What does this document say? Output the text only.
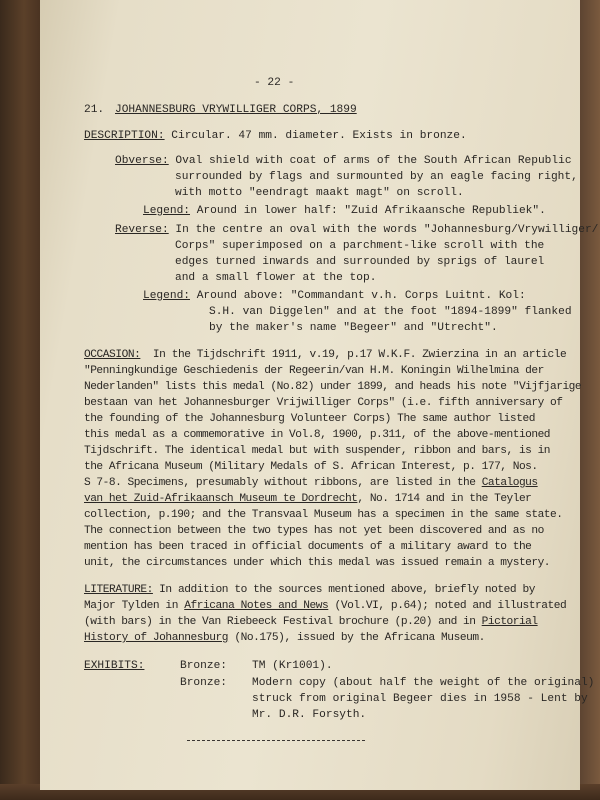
- 22 -
21. JOHANNESBURG VRYWILLIGER CORPS, 1899
DESCRIPTION: Circular. 47 mm. diameter. Exists in bronze.
Obverse: Oval shield with coat of arms of the South African Republic
surrounded by flags and surmounted by an eagle facing right,
with motto "eendragt maakt magt" on scroll.
Legend: Around in lower half: "Zuid Afrikaansche Republiek".
Reverse: In the centre an oval with the words "Johannesburg/Vrywilliger/
Corps" superimposed on a parchment-like scroll with the
edges turned inwards and surrounded by sprigs of laurel
and a small flower at the top.
Legend: Around above: "Commandant v.h. Corps Luitnt. Kol:
S.H. van Diggelen" and at the foot "1894-1899" flanked
by the maker's name "Begeer" and "Utrecht".
OCCASION:  In the Tijdschrift 1911, v.19, p.17 W.K.F. Zwierzina in an article
"Penningkundige Geschiedenis der Regeerin/van H.M. Koningin Wilhelmina der
Nederlanden" lists this medal (No.82) under 1899, and heads his note "Vijfjarige
bestaan van het Johannesburger Vrijwilliger Corps" (i.e. fifth anniversary of
the founding of the Johannesburg Volunteer Corps) The same author listed
this medal as a commemorative in Vol.8, 1900, p.311, of the above-mentioned
Tijdschrift. The identical medal but with suspender, ribbon and bars, is in
the Africana Museum (Military Medals of S. African Interest, p. 177, Nos.
S 7-8. Specimens, presumably without ribbons, are listed in the Catalogus
van het Zuid-Afrikaansch Museum te Dordrecht, No. 1714 and in the Teyler
collection, p.190; and the Transvaal Museum has a specimen in the same state.
The connection between the two types has not yet been discovered and as no
mention has been traced in official documents of a military award to the
unit, the circumstances under which this medal was issued remain a mystery.
LITERATURE: In addition to the sources mentioned above, briefly noted by
Major Tylden in Africana Notes and News (Vol.VI, p.64); noted and illustrated
(with bars) in the Van Riebeeck Festival brochure (p.20) and in Pictorial
History of Johannesburg (No.175), issued by the Africana Museum.
EXHIBITS:	Bronze: TM (Kr1001).
Bronze: Modern copy (about half the weight of the original)
struck from original Begeer dies in 1958 - Lent by
Mr. D.R. Forsyth.
